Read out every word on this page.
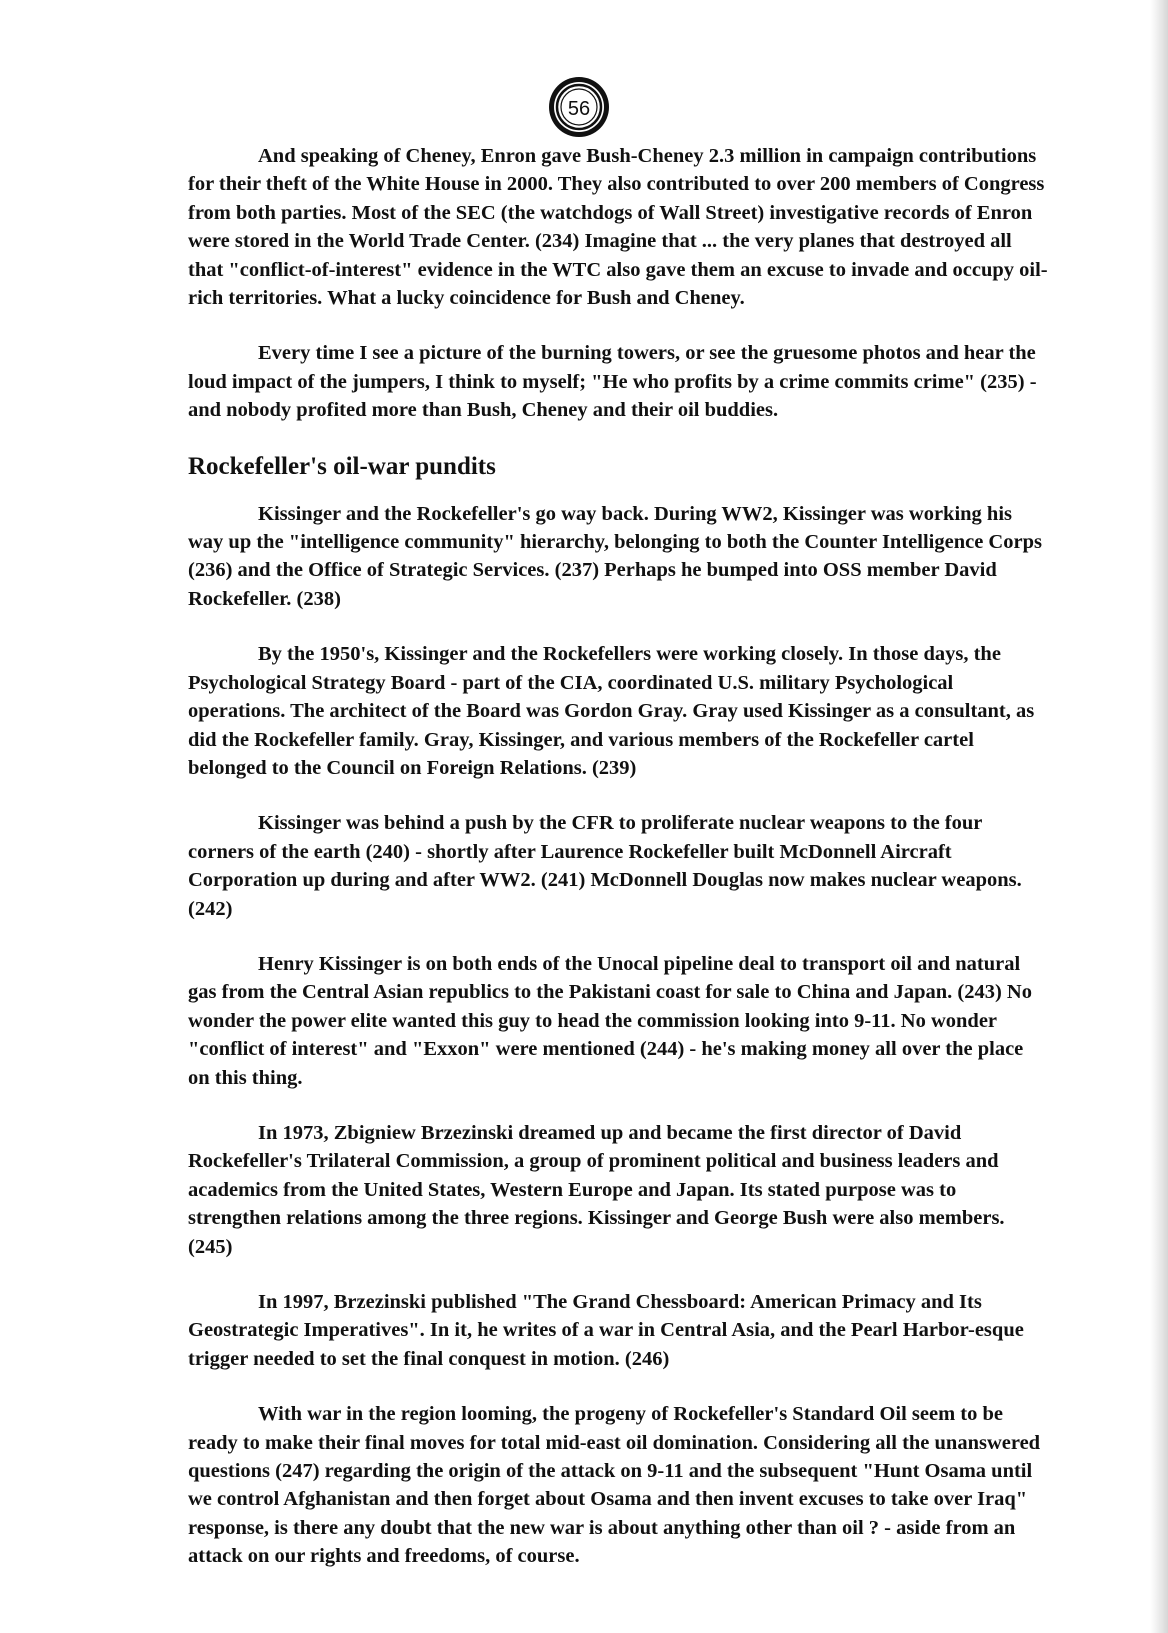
56

And speaking of Cheney, Enron gave Bush-Cheney 2.3 million in campaign contributions for their theft of the White House in 2000. They also contributed to over 200 members of Congress from both parties. Most of the SEC (the watchdogs of Wall Street) investigative records of Enron were stored in the World Trade Center. (234) Imagine that ... the very planes that destroyed all that "conflict-of-interest" evidence in the WTC also gave them an excuse to invade and occupy oil-rich territories. What a lucky coincidence for Bush and Cheney.

Every time I see a picture of the burning towers, or see the gruesome photos and hear the loud impact of the jumpers, I think to myself; "He who profits by a crime commits crime" (235) - and nobody profited more than Bush, Cheney and their oil buddies.

Rockefeller's oil-war pundits

Kissinger and the Rockefeller's go way back. During WW2, Kissinger was working his way up the "intelligence community" hierarchy, belonging to both the Counter Intelligence Corps (236) and the Office of Strategic Services. (237) Perhaps he bumped into OSS member David Rockefeller. (238)

By the 1950's, Kissinger and the Rockefellers were working closely. In those days, the Psychological Strategy Board - part of the CIA, coordinated U.S. military Psychological operations. The architect of the Board was Gordon Gray. Gray used Kissinger as a consultant, as did the Rockefeller family. Gray, Kissinger, and various members of the Rockefeller cartel belonged to the Council on Foreign Relations. (239)

Kissinger was behind a push by the CFR to proliferate nuclear weapons to the four corners of the earth (240) - shortly after Laurence Rockefeller built McDonnell Aircraft Corporation up during and after WW2. (241) McDonnell Douglas now makes nuclear weapons. (242)

Henry Kissinger is on both ends of the Unocal pipeline deal to transport oil and natural gas from the Central Asian republics to the Pakistani coast for sale to China and Japan. (243) No wonder the power elite wanted this guy to head the commission looking into 9-11. No wonder "conflict of interest" and "Exxon" were mentioned (244) - he's making money all over the place on this thing.

In 1973, Zbigniew Brzezinski dreamed up and became the first director of David Rockefeller's Trilateral Commission, a group of prominent political and business leaders and academics from the United States, Western Europe and Japan. Its stated purpose was to strengthen relations among the three regions. Kissinger and George Bush were also members. (245)

In 1997, Brzezinski published "The Grand Chessboard: American Primacy and Its Geostrategic Imperatives". In it, he writes of a war in Central Asia, and the Pearl Harbor-esque trigger needed to set the final conquest in motion. (246)

With war in the region looming, the progeny of Rockefeller's Standard Oil seem to be ready to make their final moves for total mid-east oil domination. Considering all the unanswered questions (247) regarding the origin of the attack on 9-11 and the subsequent "Hunt Osama until we control Afghanistan and then forget about Osama and then invent excuses to take over Iraq" response, is there any doubt that the new war is about anything other than oil ? - aside from an attack on our rights and freedoms, of course.
